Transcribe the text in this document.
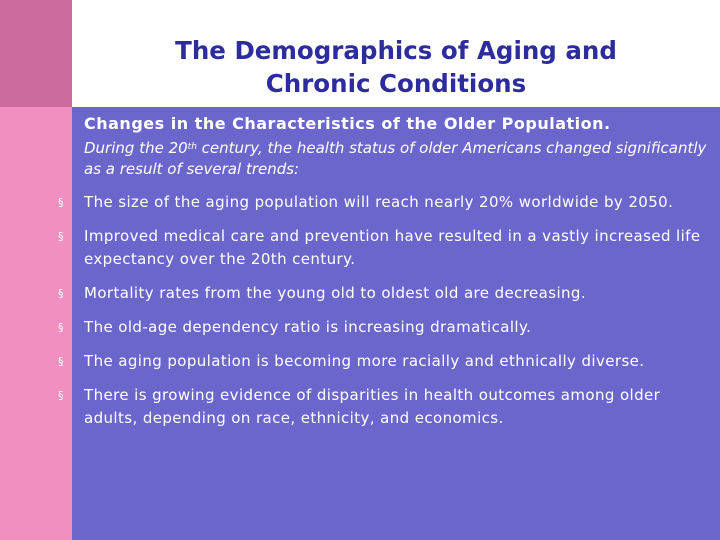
The Demographics of Aging and
Chronic Conditions

Changes in the Characteristics of the Older Population.

During the 20th century, the health status of older Americans changed significantly as a result of several trends:

§	The size of the aging population will reach nearly 20% worldwide by 2050.
§	Improved medical care and prevention have resulted in a vastly increased life expectancy over the 20th century.
§	Mortality rates from the young old to oldest old are decreasing.
§	The old-age dependency ratio is increasing dramatically.
§	The aging population is becoming more racially and ethnically diverse.
§	There is growing evidence of disparities in health outcomes among older adults, depending on race, ethnicity, and economics.
